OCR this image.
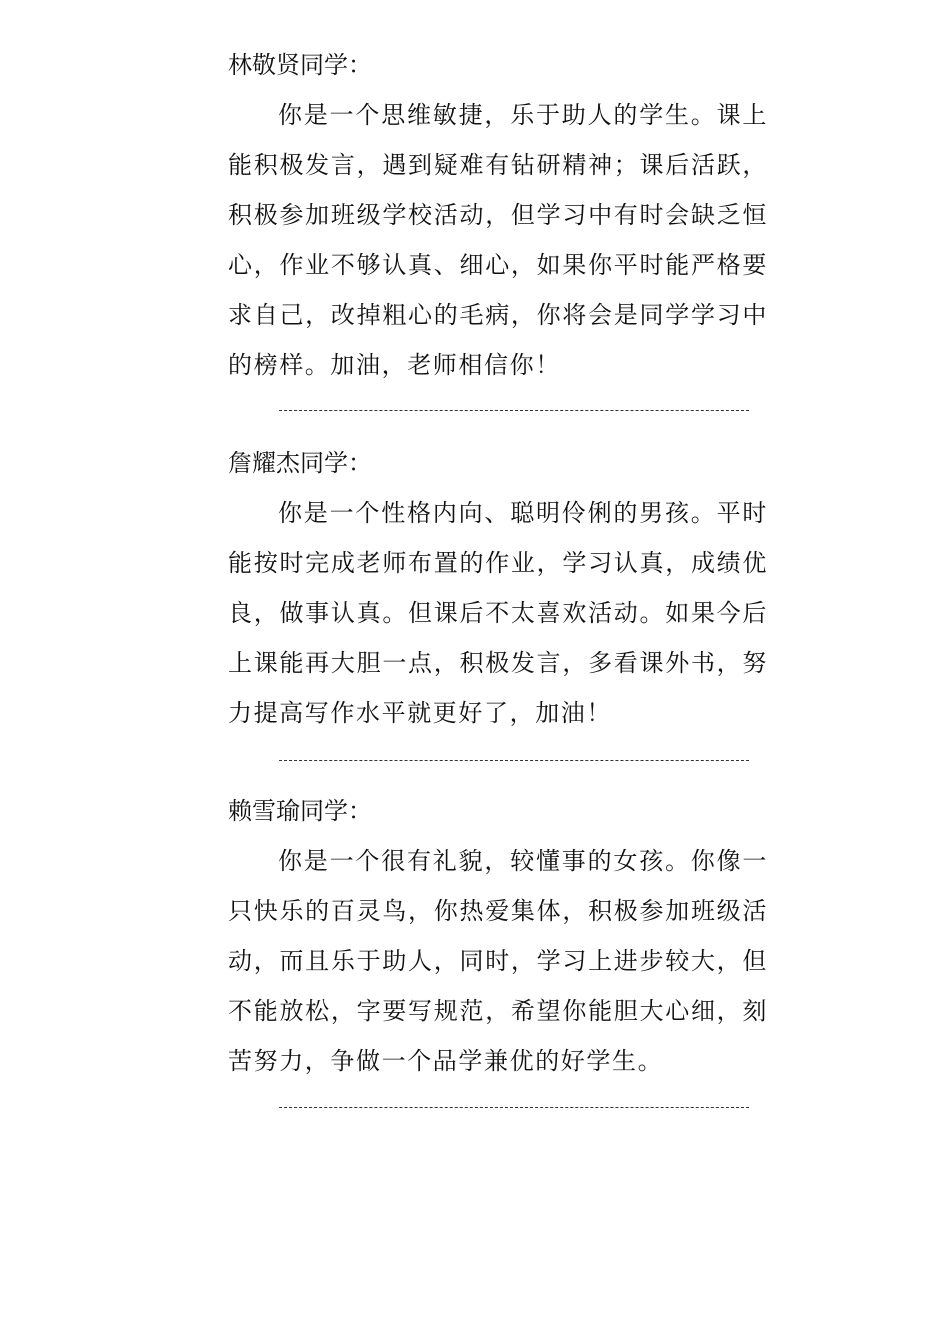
林敬贤同学：

你是一个思维敏捷，乐于助人的学生。课上能积极发言，遇到疑难有钻研精神；课后活跃，积极参加班级学校活动，但学习中有时会缺乏恒心，作业不够认真、细心，如果你平时能严格要求自己，改掉粗心的毛病，你将会是同学学习中的榜样。加油，老师相信你！

詹耀杰同学：

你是一个性格内向、聪明伶俐的男孩。平时能按时完成老师布置的作业，学习认真，成绩优良，做事认真。但课后不太喜欢活动。如果今后上课能再大胆一点，积极发言，多看课外书，努力提高写作水平就更好了，加油！

赖雪瑜同学：

你是一个很有礼貌，较懂事的女孩。你像一只快乐的百灵鸟，你热爱集体，积极参加班级活动，而且乐于助人，同时，学习上进步较大，但不能放松，字要写规范，希望你能胆大心细，刻苦努力，争做一个品学兼优的好学生。
